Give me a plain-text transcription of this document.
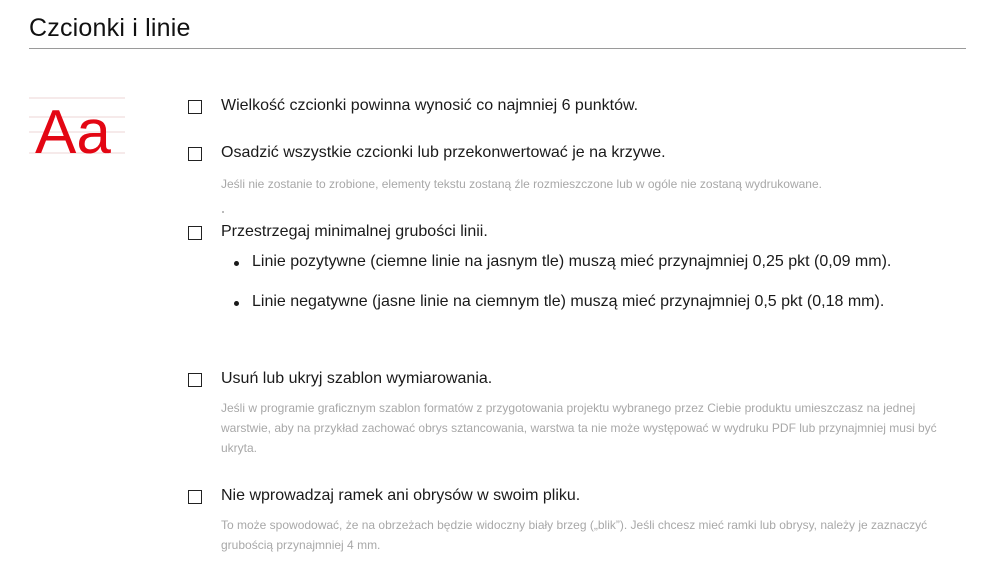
Czcionki i linie
Aa	Wielkość czcionki powinna wynosić co najmniej 6 punktów.
Osadzić wszystkie czcionki lub przekonwertować je na krzywe.
Jeśli nie zostanie to zrobione, elementy tekstu zostaną źle rozmieszczone lub w ogóle nie zostaną wydrukowane.
Przestrzegaj minimalnej grubości linii.
Linie pozytywne (ciemne linie na jasnym tle) muszą mieć przynajmniej 0,25 pkt (0,09 mm).
Linie negatywne (jasne linie na ciemnym tle) muszą mieć przynajmniej 0,5 pkt (0,18 mm).
Usuń lub ukryj szablon wymiarowania.
Jeśli w programie graficznym szablon formatów z przygotowania projektu wybranego przez Ciebie produktu umieszczasz na jednej warstwie, aby na przykład zachować obrys sztancowania, warstwa ta nie może występować w wydruku PDF lub przynajmniej musi być ukryta.
Nie wprowadzaj ramek ani obrysów w swoim pliku.
To może spowodować, że na obrzeżach będzie widoczny biały brzeg („blik”). Jeśli chcesz mieć ramki lub obrysy, należy je zaznaczyć grubością przynajmniej 4 mm.
